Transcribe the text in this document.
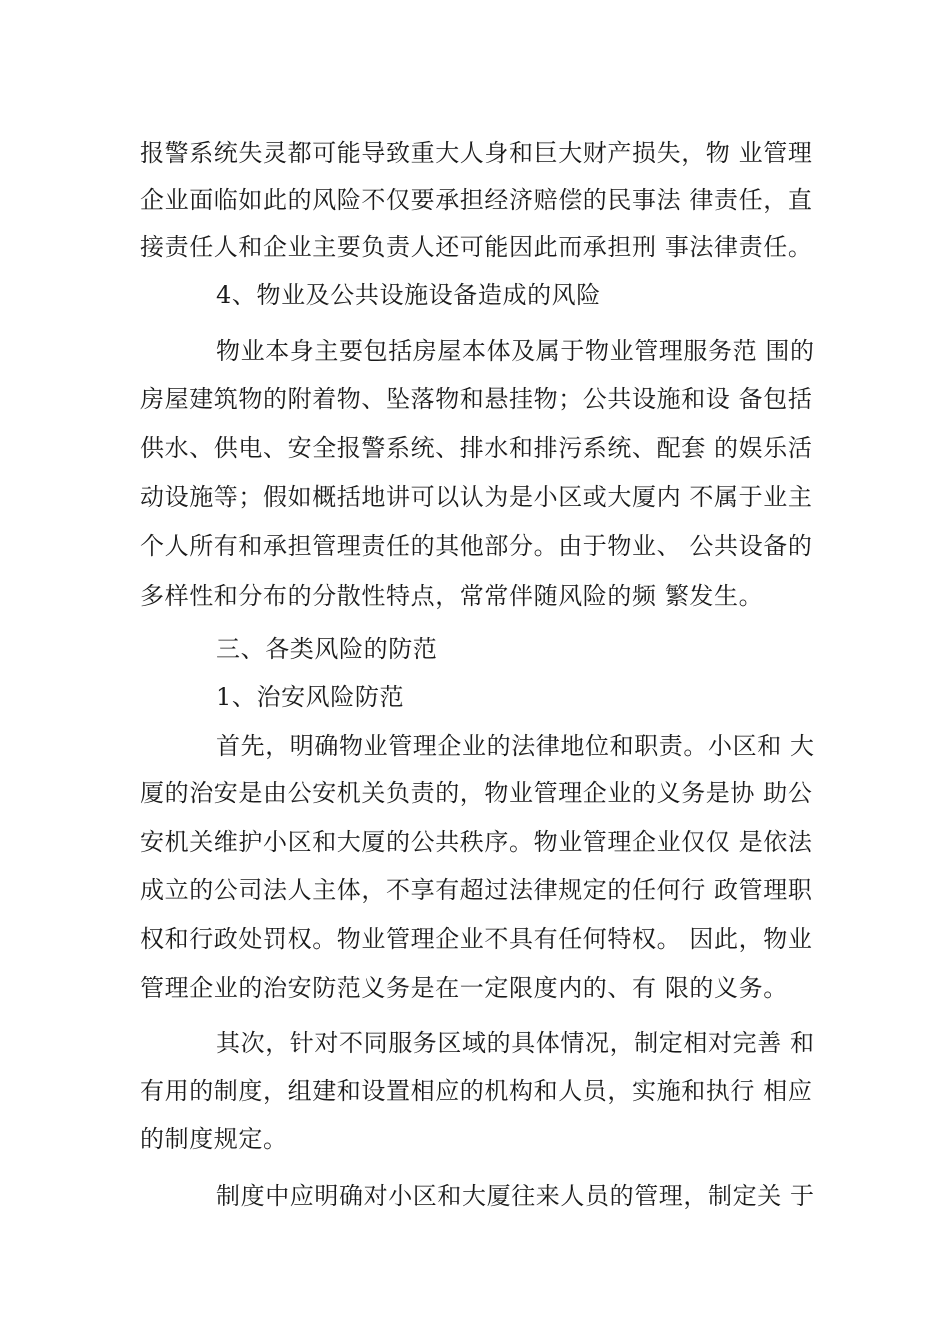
报警系统失灵都可能导致重大人身和巨大财产损失，物 业管理
企业面临如此的风险不仅要承担经济赔偿的民事法 律责任，直
接责任人和企业主要负责人还可能因此而承担刑 事法律责任。
4、物业及公共设施设备造成的风险
物业本身主要包括房屋本体及属于物业管理服务范 围的
房屋建筑物的附着物、坠落物和悬挂物；公共设施和设 备包括
供水、供电、安全报警系统、排水和排污系统、配套 的娱乐活
动设施等；假如概括地讲可以认为是小区或大厦内 不属于业主
个人所有和承担管理责任的其他部分。由于物业、 公共设备的
多样性和分布的分散性特点，常常伴随风险的频 繁发生。
三、各类风险的防范
1、治安风险防范
首先，明确物业管理企业的法律地位和职责。小区和 大
厦的治安是由公安机关负责的，物业管理企业的义务是协 助公
安机关维护小区和大厦的公共秩序。物业管理企业仅仅 是依法
成立的公司法人主体，不享有超过法律规定的任何行 政管理职
权和行政处罚权。物业管理企业不具有任何特权。 因此，物业
管理企业的治安防范义务是在一定限度内的、有 限的义务。
其次，针对不同服务区域的具体情况，制定相对完善 和
有用的制度，组建和设置相应的机构和人员，实施和执行 相应
的制度规定。
制度中应明确对小区和大厦往来人员的管理，制定关 于
